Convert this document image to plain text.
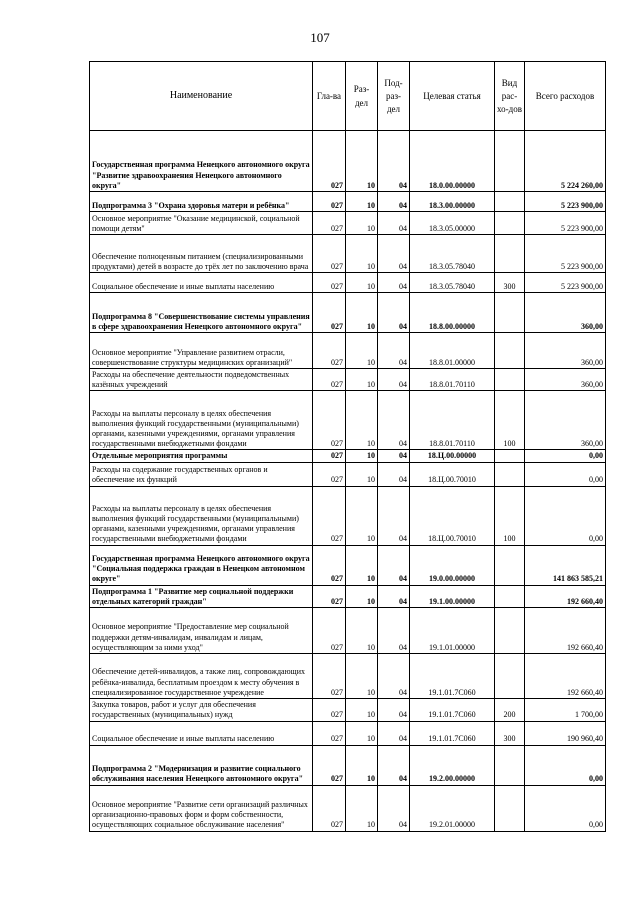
107
Наименование	Гла-ва	Раз-дел	Под-раз-дел	Целевая статья	Вид рас-хо-дов	Всего расходов
Государственная программа Ненецкого автономного округа "Развитие здравоохранения Ненецкого автономного округа"	027	10	04	18.0.00.00000		5 224 260,00
Подпрограмма 3 "Охрана здоровья матери и ребёнка"	027	10	04	18.3.00.00000		5 223 900,00
Основное мероприятие "Оказание медицинской, социальной помощи детям"	027	10	04	18.3.05.00000		5 223 900,00
Обеспечение полноценным питанием (специализированными продуктами) детей в возрасте до трёх лет по заключению врача	027	10	04	18.3.05.78040		5 223 900,00
Социальное обеспечение и иные выплаты населению	027	10	04	18.3.05.78040	300	5 223 900,00
Подпрограмма 8 "Совершенствование системы управления в сфере здравоохранения Ненецкого автономного округа"	027	10	04	18.8.00.00000		360,00
Основное мероприятие "Управление развитием отрасли, совершенствование структуры медицинских организаций"	027	10	04	18.8.01.00000		360,00
Расходы на обеспечение деятельности подведомственных казённых учреждений	027	10	04	18.8.01.70110		360,00
Расходы на выплаты персоналу в целях обеспечения выполнения функций государственными (муниципальными) органами, казенными учреждениями, органами управления государственными внебюджетными фондами	027	10	04	18.8.01.70110	100	360,00
Отдельные мероприятия программы	027	10	04	18.Ц.00.00000		0,00
Расходы на содержание государственных органов и обеспечение их функций	027	10	04	18.Ц.00.70010		0,00
Расходы на выплаты персоналу в целях обеспечения выполнения функций государственными (муниципальными) органами, казенными учреждениями, органами управления государственными внебюджетными фондами	027	10	04	18.Ц.00.70010	100	0,00
Государственная программа Ненецкого автономного округа "Социальная поддержка граждан в Ненецком автономном округе"	027	10	04	19.0.00.00000		141 863 585,21
Подпрограмма 1 "Развитие мер социальной поддержки отдельных категорий граждан"	027	10	04	19.1.00.00000		192 660,40
Основное мероприятие "Предоставление мер социальной поддержки детям-инвалидам, инвалидам и лицам, осуществляющим за ними уход"	027	10	04	19.1.01.00000		192 660,40
Обеспечение детей-инвалидов, а также лиц, сопровождающих ребёнка-инвалида, бесплатным проездом к месту обучения в специализированное государственное учреждение	027	10	04	19.1.01.7С060		192 660,40
Закупка товаров, работ и услуг для обеспечения государственных (муниципальных) нужд	027	10	04	19.1.01.7С060	200	1 700,00
Социальное обеспечение и иные выплаты населению	027	10	04	19.1.01.7С060	300	190 960,40
Подпрограмма 2 "Модернизация и развитие социального обслуживания населения Ненецкого автономного округа"	027	10	04	19.2.00.00000		0,00
Основное мероприятие "Развитие сети организаций различных организационно-правовых форм и форм собственности, осуществляющих социальное обслуживание населения"	027	10	04	19.2.01.00000		0,00
